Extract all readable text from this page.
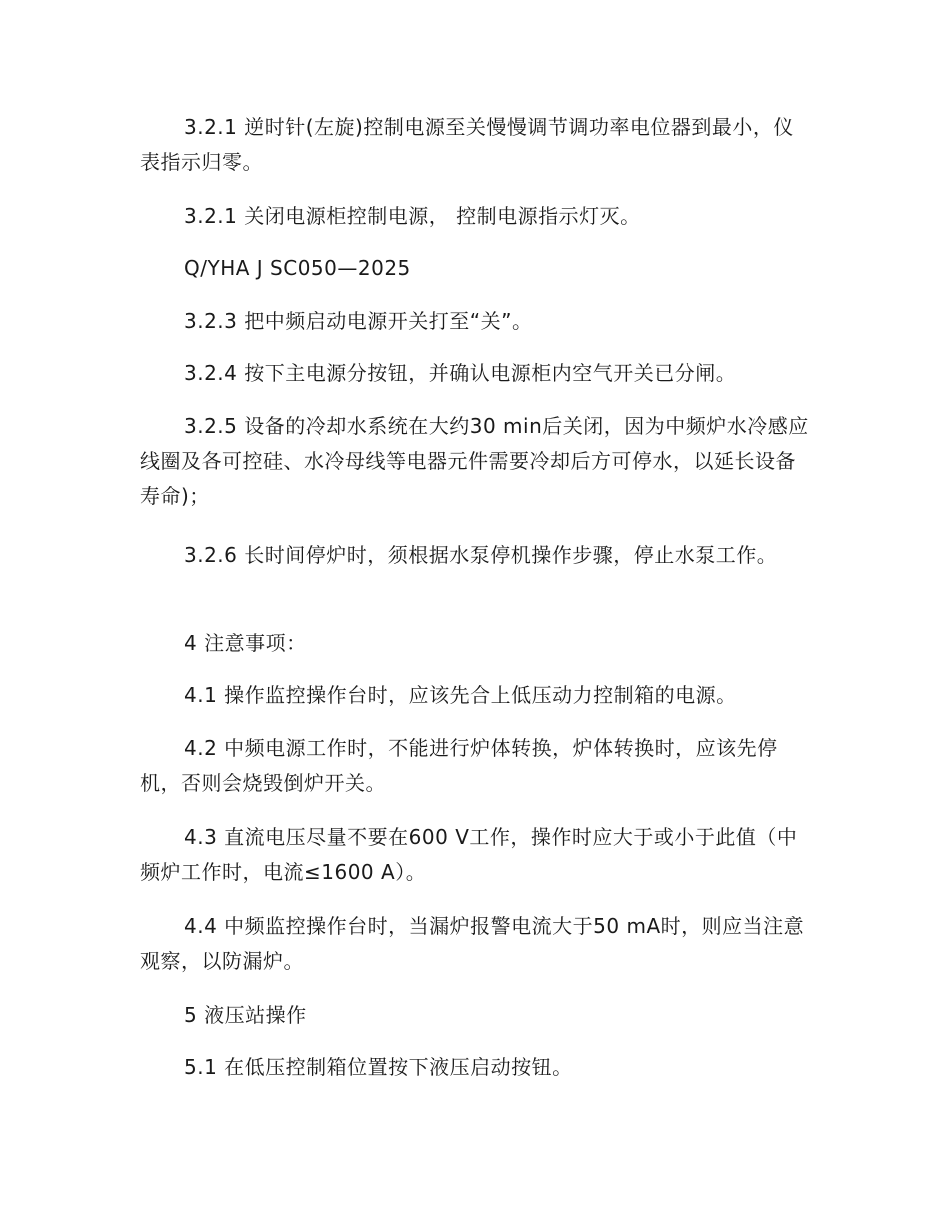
3.2.1 逆时针(左旋)控制电源至关慢慢调节调功率电位器到最小，仪表指示归零。

3.2.1 关闭电源柜控制电源， 控制电源指示灯灭。

Q/YHA J SC050—2025

3.2.3 把中频启动电源开关打至“关”。

3.2.4 按下主电源分按钮，并确认电源柜内空气开关已分闸。

3.2.5 设备的冷却水系统在大约30 min后关闭，因为中频炉水冷感应线圈及各可控硅、水冷母线等电器元件需要冷却后方可停水，以延长设备寿命)；

3.2.6 长时间停炉时，须根据水泵停机操作步骤，停止水泵工作。

4 注意事项：

4.1 操作监控操作台时，应该先合上低压动力控制箱的电源。

4.2 中频电源工作时，不能进行炉体转换，炉体转换时，应该先停机，否则会烧毁倒炉开关。

4.3 直流电压尽量不要在600 V工作，操作时应大于或小于此值（中频炉工作时，电流≤1600 A）。

4.4 中频监控操作台时，当漏炉报警电流大于50 mA时，则应当注意观察，以防漏炉。

5 液压站操作

5.1 在低压控制箱位置按下液压启动按钮。
